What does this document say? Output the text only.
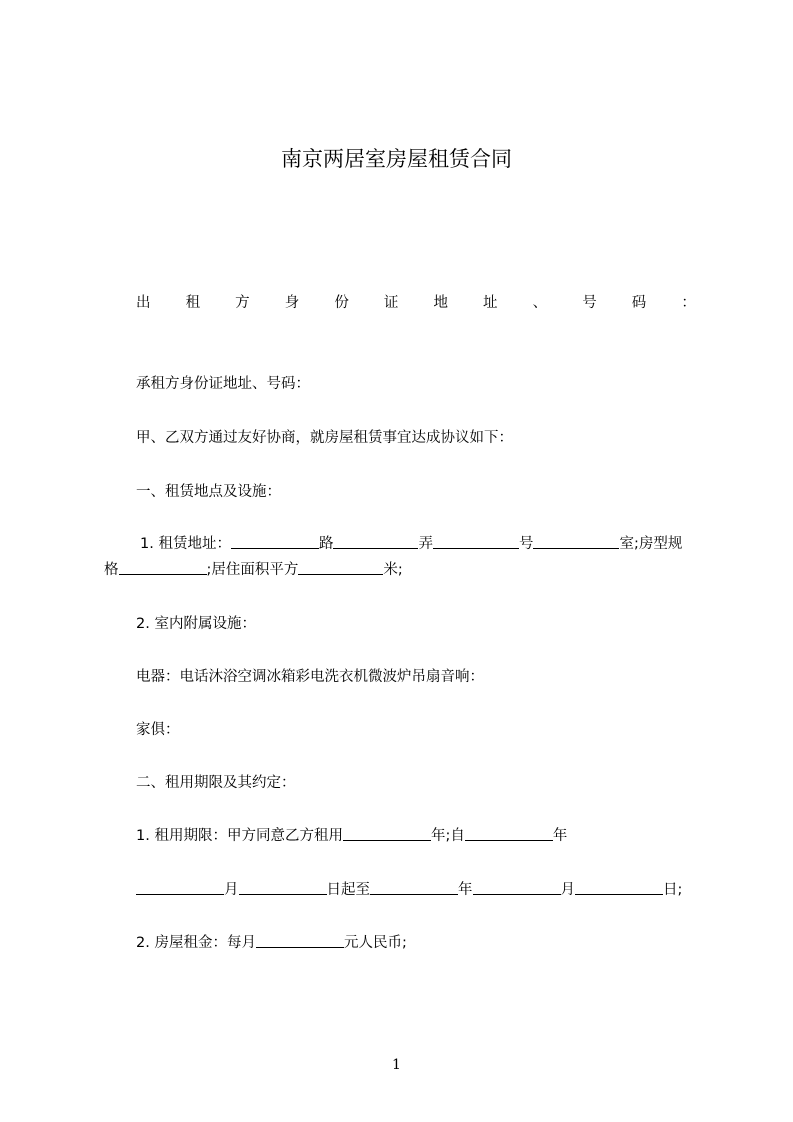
南京两居室房屋租赁合同
出 租 方 身 份 证 地 址 、 号 码 ：
承租方身份证地址、号码：
甲、乙双方通过友好协商，就房屋租赁事宜达成协议如下：
一、租赁地点及设施：
1. 租赁地址：	路	弄	号	室;房型规
格	;居住面积平方	米;
2. 室内附属设施：
电器：电话沐浴空调冰箱彩电洗衣机微波炉吊扇音响：
家俱：
二、租用期限及其约定：
1. 租用期限：甲方同意乙方租用	年;自	年
月	日起至	年	月	日;
2. 房屋租金：每月	元人民币;
1
